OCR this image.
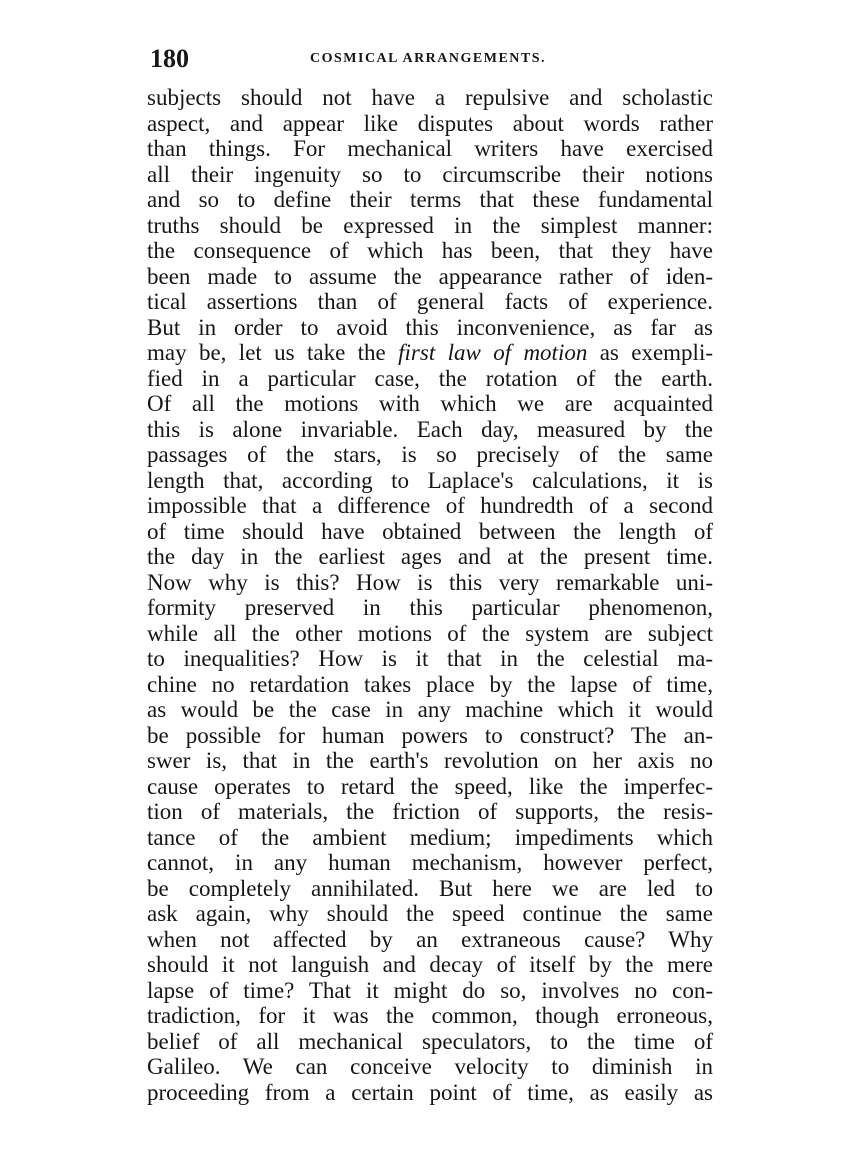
180	COSMICAL ARRANGEMENTS.
subjects should not have a repulsive and scholastic
aspect, and appear like disputes about words rather
than things. For mechanical writers have exercised
all their ingenuity so to circumscribe their notions
and so to define their terms that these fundamental
truths should be expressed in the simplest manner:
the consequence of which has been, that they have
been made to assume the appearance rather of iden-
tical assertions than of general facts of experience.
But in order to avoid this inconvenience, as far as
may be, let us take the first law of motion as exempli-
fied in a particular case, the rotation of the earth.
Of all the motions with which we are acquainted
this is alone invariable. Each day, measured by the
passages of the stars, is so precisely of the same
length that, according to Laplace's calculations, it is
impossible that a difference of hundredth of a second
of time should have obtained between the length of
the day in the earliest ages and at the present time.
Now why is this? How is this very remarkable uni-
formity preserved in this particular phenomenon,
while all the other motions of the system are subject
to inequalities? How is it that in the celestial ma-
chine no retardation takes place by the lapse of time,
as would be the case in any machine which it would
be possible for human powers to construct? The an-
swer is, that in the earth's revolution on her axis no
cause operates to retard the speed, like the imperfec-
tion of materials, the friction of supports, the resis-
tance of the ambient medium; impediments which
cannot, in any human mechanism, however perfect,
be completely annihilated. But here we are led to
ask again, why should the speed continue the same
when not affected by an extraneous cause? Why
should it not languish and decay of itself by the mere
lapse of time? That it might do so, involves no con-
tradiction, for it was the common, though erroneous,
belief of all mechanical speculators, to the time of
Galileo. We can conceive velocity to diminish in
proceeding from a certain point of time, as easily as
